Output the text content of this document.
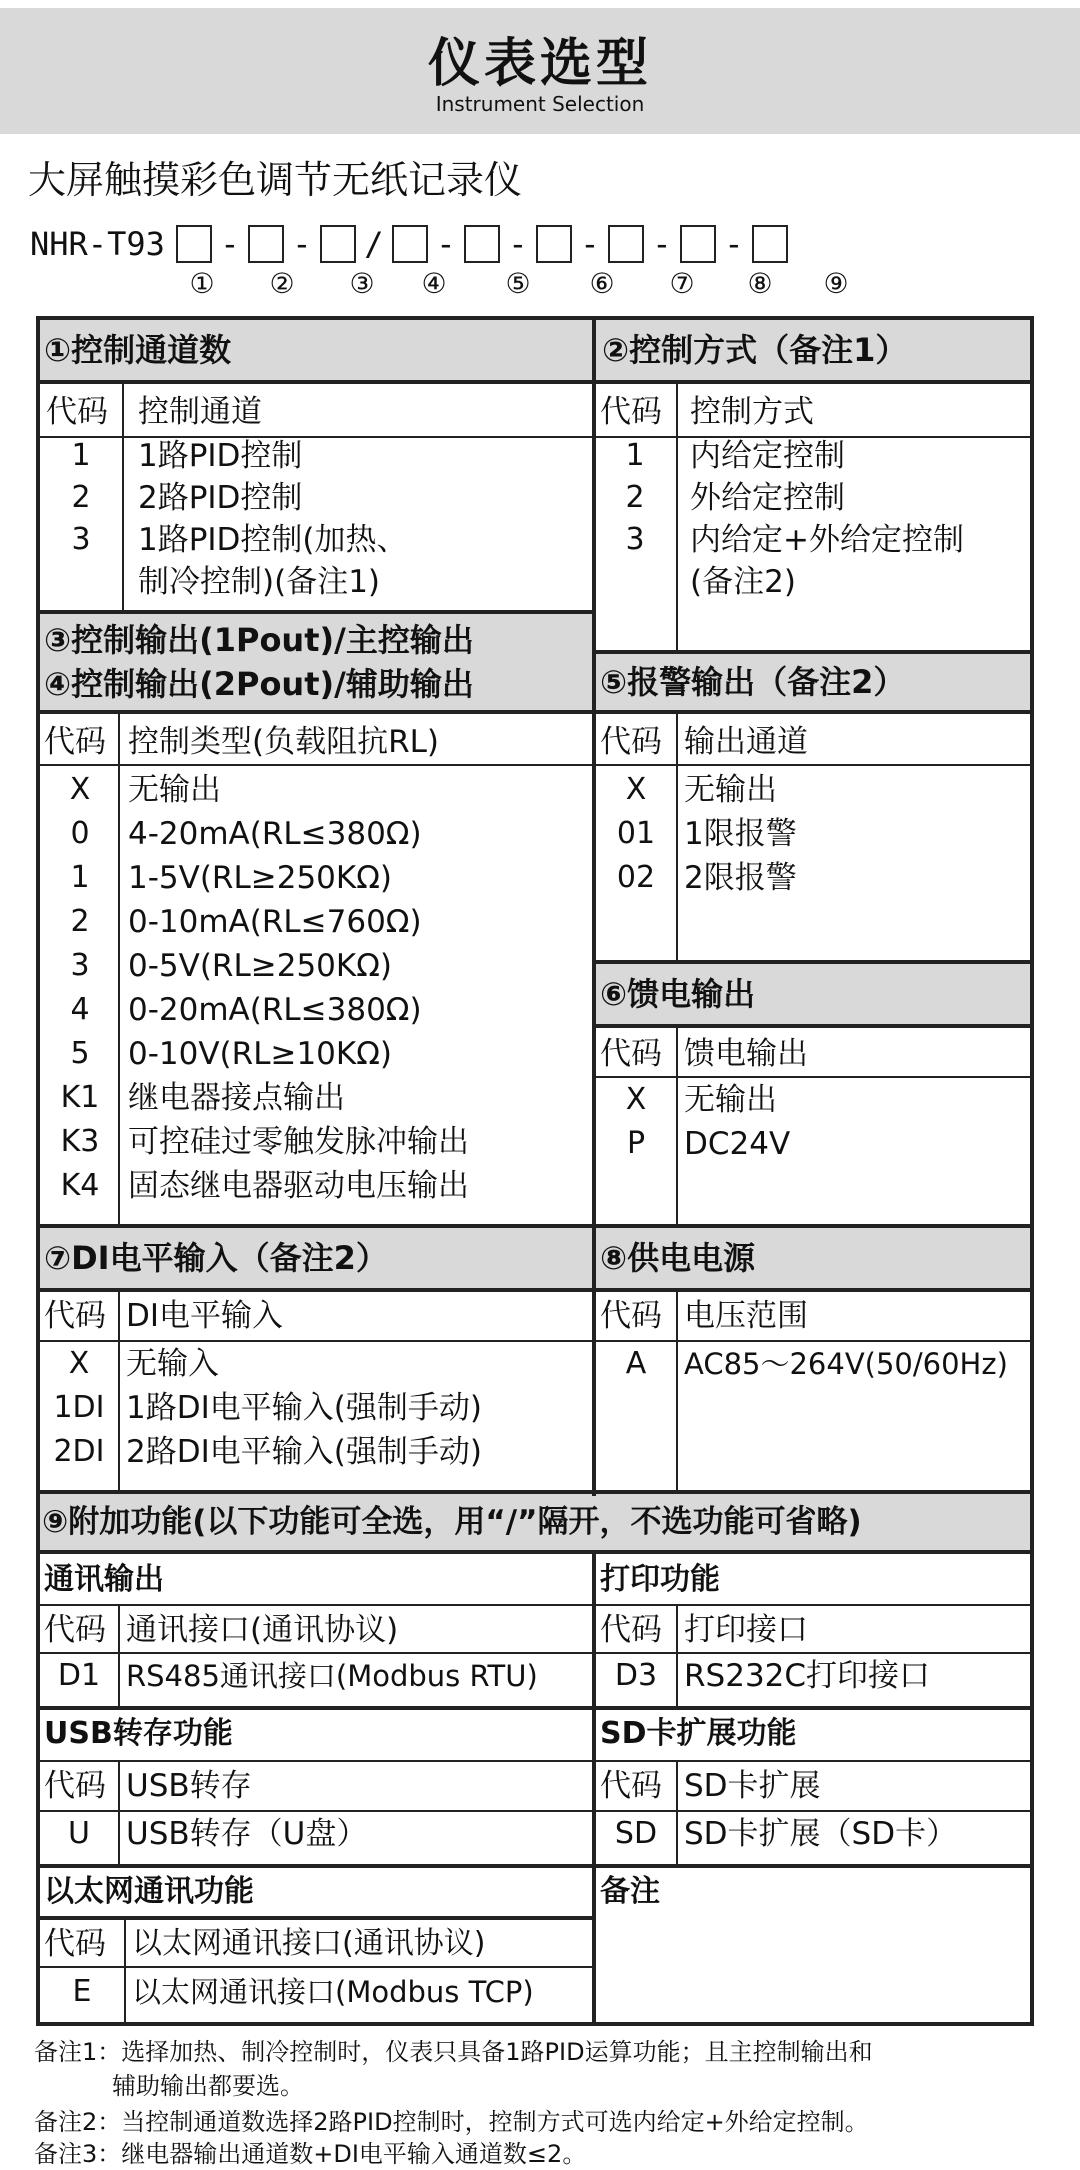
仪表选型
Instrument Selection
大屏触摸彩色调节无纸记录仪
NHR-T93 - - / - - - - -
① ② ③ ④ ⑤ ⑥ ⑦ ⑧ ⑨
①控制通道数
代码 控制通道
1	1路PID控制
2	2路PID控制
3	1路PID控制(加热、
制冷控制)(备注1)
②控制方式（备注1）
代码 控制方式
1	内给定控制
2	外给定控制
3	内给定+外给定控制
(备注2)
③控制输出(1Pout)/主控输出
④控制输出(2Pout)/辅助输出
代码 控制类型(负载阻抗RL)
X	无输出
0	4-20mA(RL≤380Ω)
1	1-5V(RL≥250KΩ)
2	0-10mA(RL≤760Ω)
3	0-5V(RL≥250KΩ)
4	0-20mA(RL≤380Ω)
5	0-10V(RL≥10KΩ)
K1 继电器接点输出
K3 可控硅过零触发脉冲输出
K4 固态继电器驱动电压输出
⑤报警输出（备注2）
代码 输出通道
X	无输出
01 1限报警
02 2限报警
⑥馈电输出
代码 馈电输出
X	无输出
P	DC24V
⑦DI电平输入（备注2）
代码 DI电平输入
X	无输入
1DI 1路DI电平输入(强制手动)
2DI 2路DI电平输入(强制手动)
⑧供电电源
代码 电压范围
A	AC85～264V(50/60Hz)
⑨附加功能(以下功能可全选，用“/”隔开，不选功能可省略)
通讯输出
代码 通讯接口(通讯协议)
D1 RS485通讯接口(Modbus RTU)
打印功能
代码 打印接口
D3 RS232C打印接口
USB转存功能
代码 USB转存
U	USB转存（U盘）
SD卡扩展功能
代码 SD卡扩展
SD SD卡扩展（SD卡）
以太网通讯功能
代码 以太网通讯接口(通讯协议)
E	以太网通讯接口(Modbus TCP)
备注
备注1：选择加热、制冷控制时，仪表只具备1路PID运算功能；且主控制输出和
辅助输出都要选。
备注2：当控制通道数选择2路PID控制时，控制方式可选内给定+外给定控制。
备注3：继电器输出通道数+DI电平输入通道数≤2。
